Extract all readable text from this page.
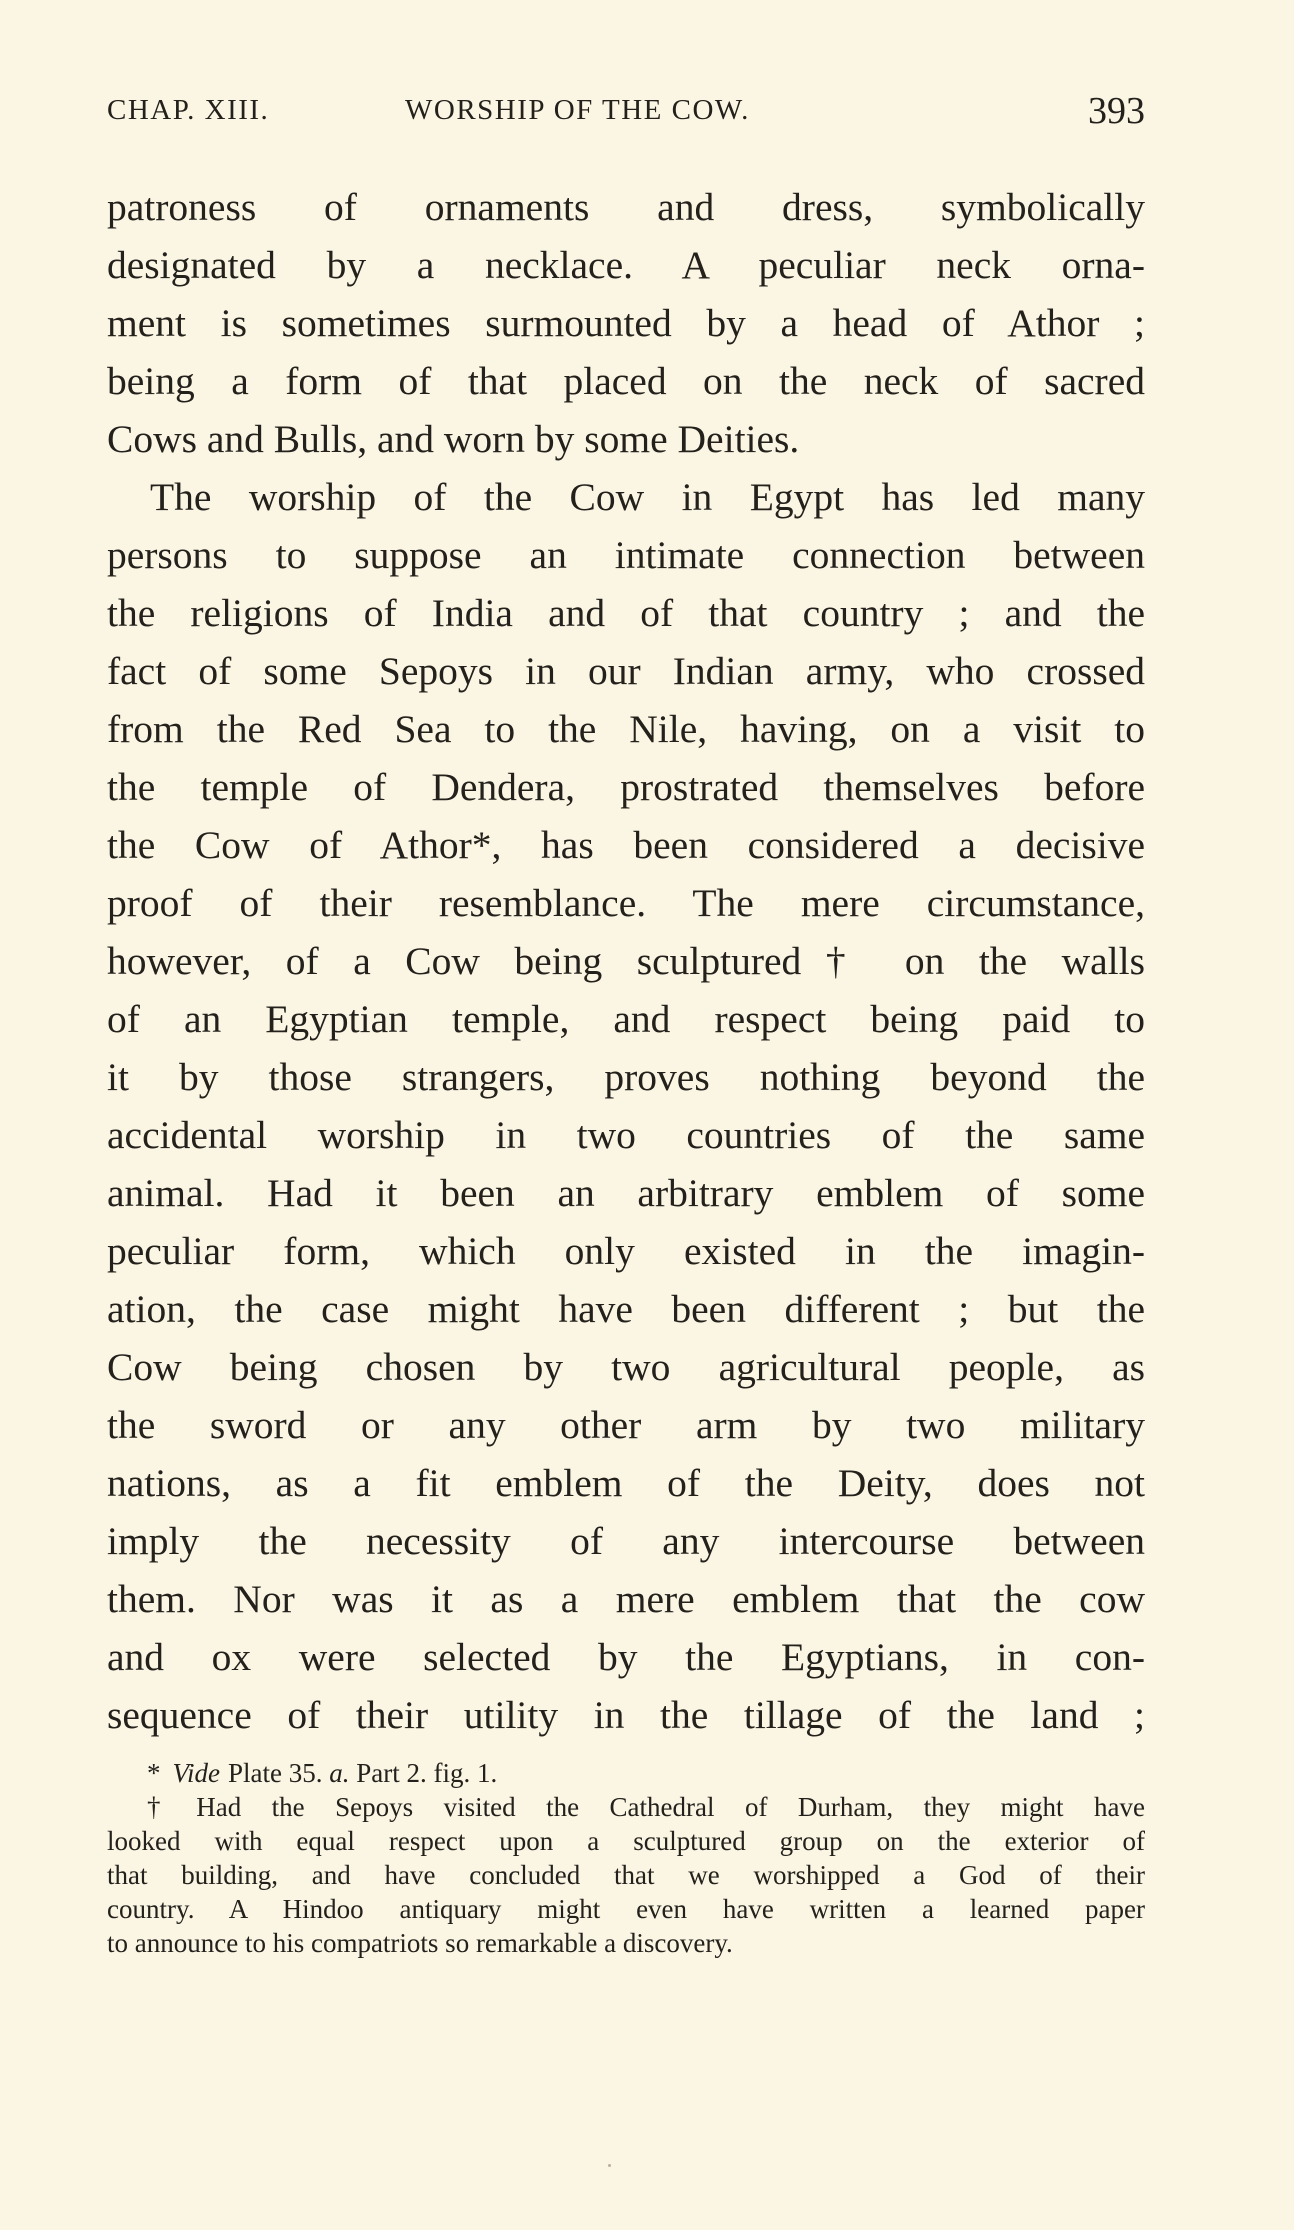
CHAP. XIII.	WORSHIP OF THE COW.	393
patroness of ornaments and dress, symbolically
designated by a necklace. A peculiar neck orna-
ment is sometimes surmounted by a head of Athor ;
being a form of that placed on the neck of sacred
Cows and Bulls, and worn by some Deities.
The worship of the Cow in Egypt has led many
persons to suppose an intimate connection between
the religions of India and of that country ; and the
fact of some Sepoys in our Indian army, who crossed
from the Red Sea to the Nile, having, on a visit to
the temple of Dendera, prostrated themselves before
the Cow of Athor*, has been considered a decisive
proof of their resemblance. The mere circumstance,
however, of a Cow being sculptured† on the walls
of an Egyptian temple, and respect being paid to
it by those strangers, proves nothing beyond the
accidental worship in two countries of the same
animal. Had it been an arbitrary emblem of some
peculiar form, which only existed in the imagin-
ation, the case might have been different ; but the
Cow being chosen by two agricultural people, as
the sword or any other arm by two military
nations, as a fit emblem of the Deity, does not
imply the necessity of any intercourse between
them. Nor was it as a mere emblem that the cow
and ox were selected by the Egyptians, in con-
sequence of their utility in the tillage of the land ;
* Vide Plate 35. a. Part 2. fig. 1.
† Had the Sepoys visited the Cathedral of Durham, they might have
looked with equal respect upon a sculptured group on the exterior of
that building, and have concluded that we worshipped a God of their
country. A Hindoo antiquary might even have written a learned paper
to announce to his compatriots so remarkable a discovery.
